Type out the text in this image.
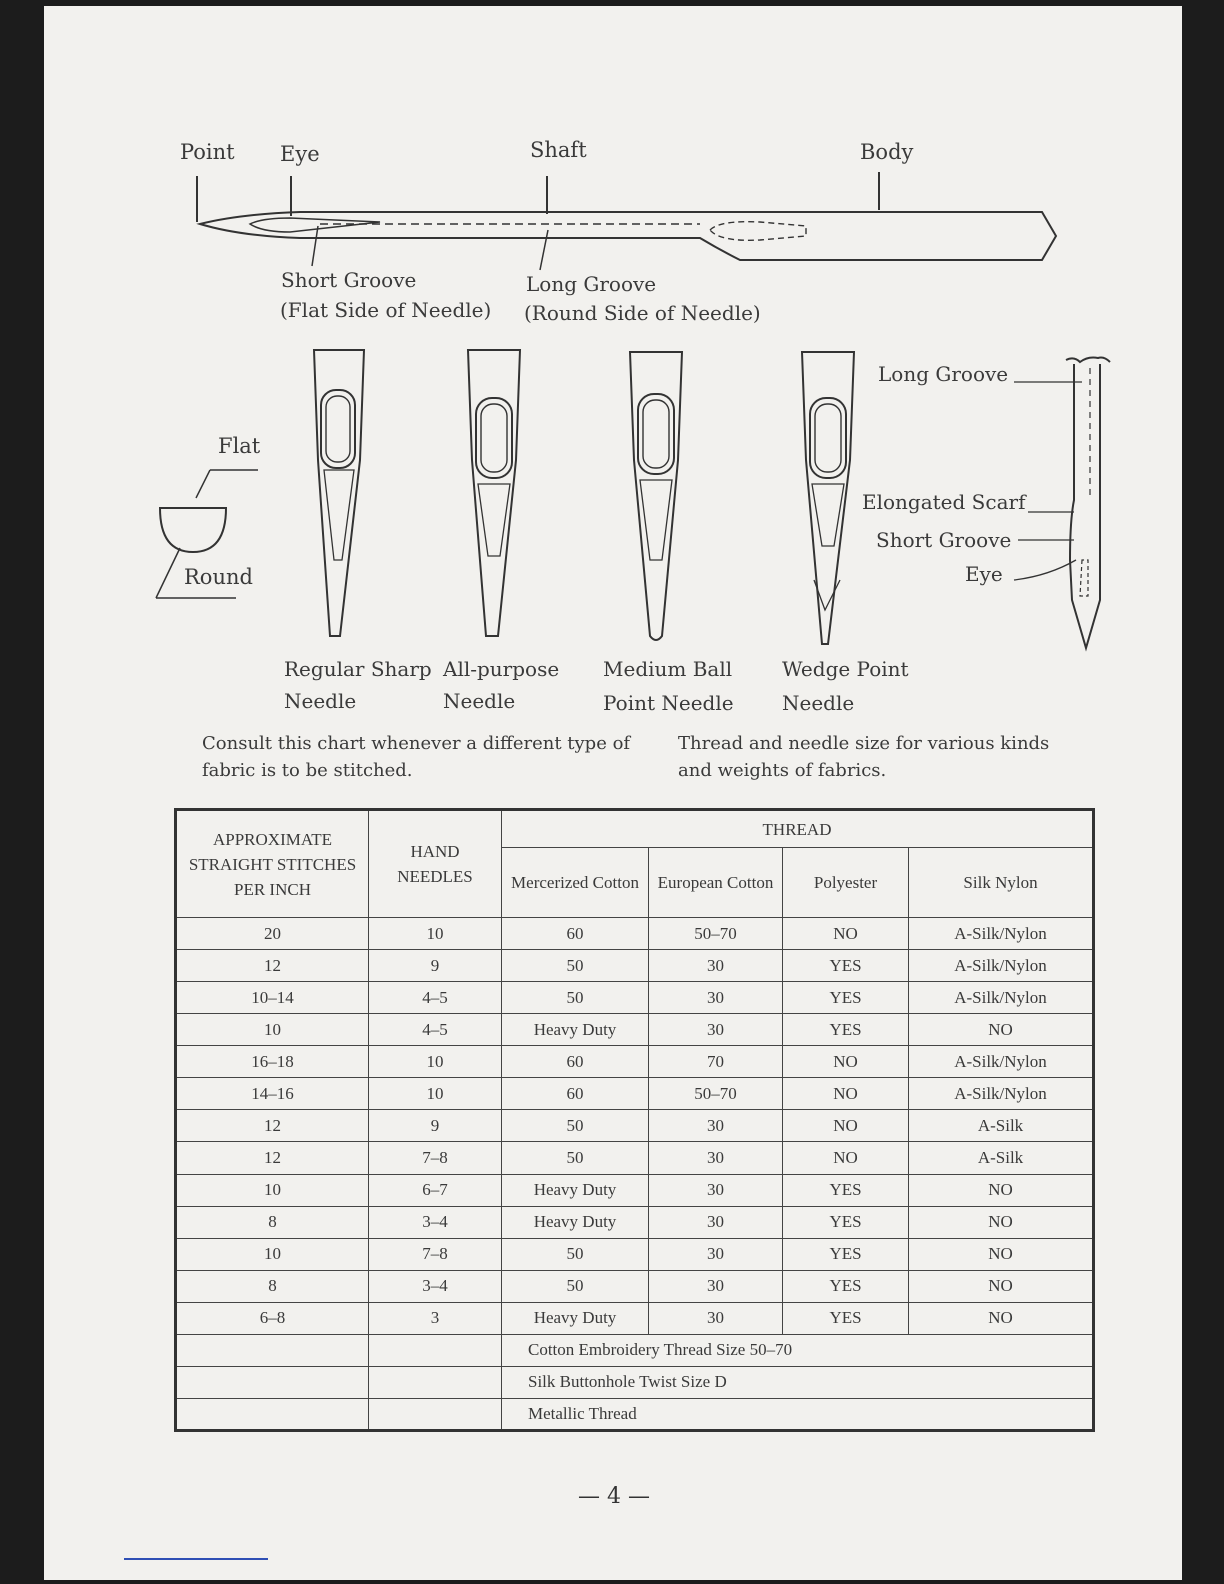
Point Eye	Shaft	Body
Short Groove
(Flat Side of Needle)
Long Groove
(Round Side of Needle)
Flat
Round
Long Groove
Elongated Scarf
Short Groove
Eye
Regular Sharp
Needle
All-purpose
Needle
Medium Ball
Point Needle
Wedge Point
Needle
Consult this chart whenever a different type of fabric is to be stitched.
Thread and needle size for various kinds and weights of fabrics.
APPROXIMATE STRAIGHT STITCHES PER INCH	HAND NEEDLES	THREAD			
		Mercerized Cotton	European Cotton	Polyester	Silk Nylon
20	10	60	50–70	NO	A-Silk/Nylon
12	9	50	30	YES	A-Silk/Nylon
10–14	4–5	50	30	YES	A-Silk/Nylon
10	4–5	Heavy Duty	30	YES	NO
16–18	10	60	70	NO	A-Silk/Nylon
14–16	10	60	50–70	NO	A-Silk/Nylon
12	9	50	30	NO	A-Silk
12	7–8	50	30	NO	A-Silk
10	6–7	Heavy Duty	30	YES	NO
8	3–4	Heavy Duty	30	YES	NO
10	7–8	50	30	YES	NO
8	3–4	50	30	YES	NO
6–8	3	Heavy Duty	30	YES	NO
		Cotton Embroidery Thread Size 50–70			
		Silk Buttonhole Twist Size D			
		Metallic Thread			
— 4 —
